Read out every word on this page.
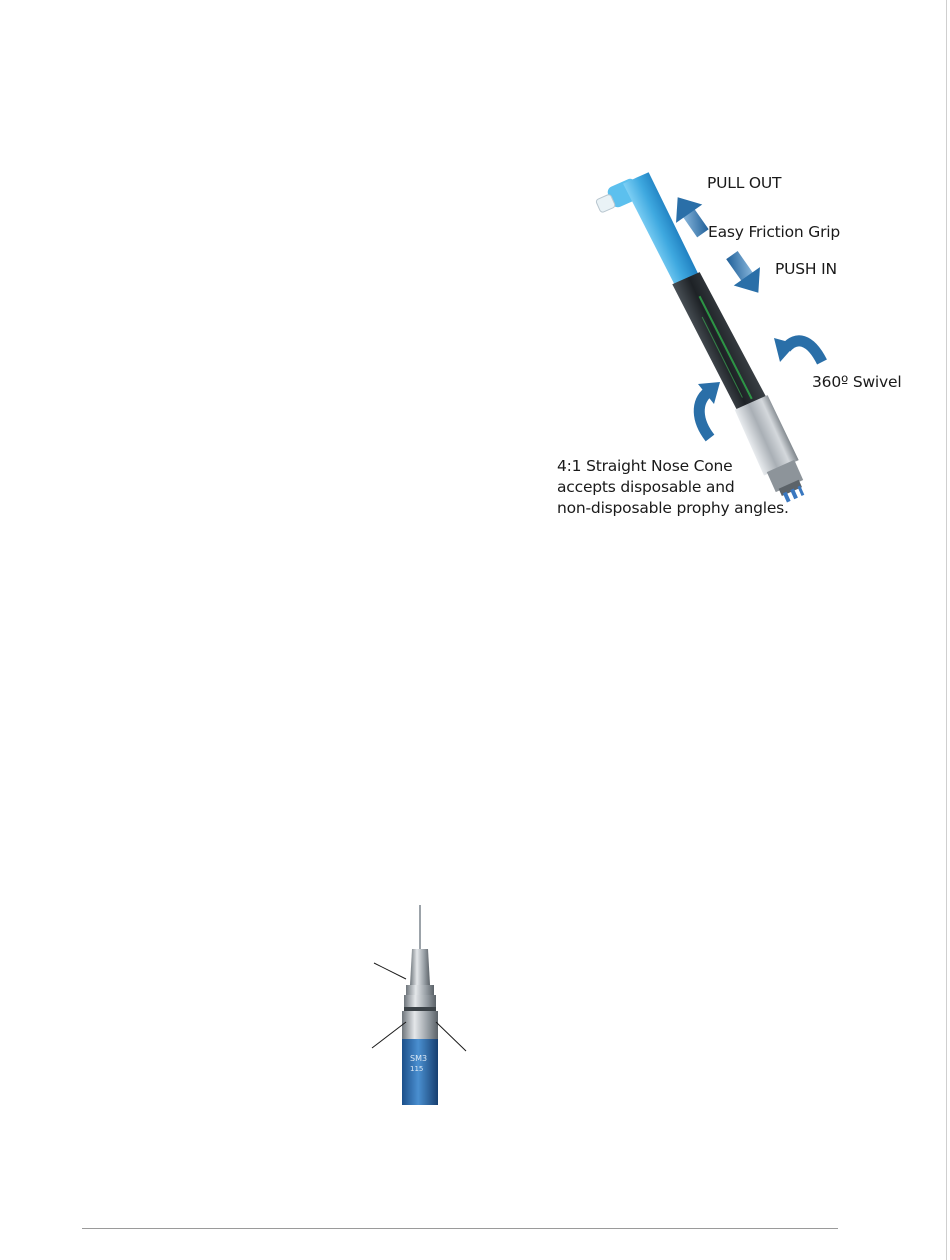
PULL OUT
Easy Friction Grip
PUSH IN
360º Swivel
4:1 Straight Nose Cone
accepts disposable and
non-disposable prophy angles.
SM3
115
